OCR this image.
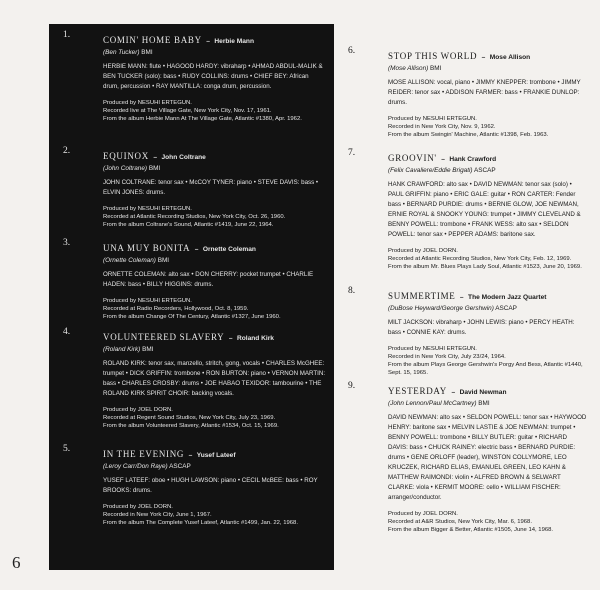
1.	COMIN' HOME BABY – Herbie Mann
(Ben Tucker) BMI
HERBIE MANN: flute • HAGOOD HARDY: vibraharp • AHMAD ABDUL-MALIK & BEN TUCKER (solo): bass • RUDY COLLINS: drums • CHIEF BEY: African drum, percussion • RAY MANTILLA: conga drum, percussion.
Produced by NESUHI ERTEGUN.
Recorded live at The Village Gate, New York City, Nov. 17, 1961.
From the album Herbie Mann At The Village Gate, Atlantic #1380, Apr. 1962.
2.	EQUINOX – John Coltrane
(John Coltrane) BMI
JOHN COLTRANE: tenor sax • McCOY TYNER: piano • STEVE DAVIS: bass • ELVIN JONES: drums.
Produced by NESUHI ERTEGUN.
Recorded at Atlantic Recording Studios, New York City, Oct. 26, 1960.
From the album Coltrane's Sound, Atlantic #1419, June 22, 1964.
3.	UNA MUY BONITA – Ornette Coleman
(Ornette Coleman) BMI
ORNETTE COLEMAN: alto sax • DON CHERRY: pocket trumpet • CHARLIE HADEN: bass • BILLY HIGGINS: drums.
Produced by NESUHI ERTEGUN.
Recorded at Radio Recorders, Hollywood, Oct. 8, 1959.
From the album Change Of The Century, Atlantic #1327, June 1960.
4.	VOLUNTEERED SLAVERY – Roland Kirk
(Roland Kirk) BMI
ROLAND KIRK: tenor sax, manzello, stritch, gong, vocals • CHARLES McGHEE: trumpet • DICK GRIFFIN: trombone • RON BURTON: piano • VERNON MARTIN: bass • CHARLES CROSBY: drums • JOE HABAO TEXIDOR: tambourine • THE ROLAND KIRK SPIRIT CHOIR: backing vocals.
Produced by JOEL DORN.
Recorded at Regent Sound Studios, New York City, July 23, 1969.
From the album Volunteered Slavery, Atlantic #1534, Oct. 15, 1969.
5.	IN THE EVENING – Yusef Lateef
(Leroy Carr/Don Raye) ASCAP
YUSEF LATEEF: oboe • HUGH LAWSON: piano • CECIL McBEE: bass • ROY BROOKS: drums.
Produced by JOEL DORN.
Recorded in New York City, June 1, 1967.
From the album The Complete Yusef Lateef, Atlantic #1499, Jan. 22, 1968.
6.	STOP THIS WORLD – Mose Allison
(Mose Allison) BMI
MOSE ALLISON: vocal, piano • JIMMY KNEPPER: trombone • JIMMY REIDER: tenor sax • ADDISON FARMER: bass • FRANKIE DUNLOP: drums.
Produced by NESUHI ERTEGUN.
Recorded in New York City, Nov. 9, 1962.
From the album Swingin' Machine, Atlantic #1398, Feb. 1963.
7.	GROOVIN' – Hank Crawford
(Felix Cavaliere/Eddie Brigati) ASCAP
HANK CRAWFORD: alto sax • DAVID NEWMAN: tenor sax (solo) • PAUL GRIFFIN: piano • ERIC GALE: guitar • RON CARTER: Fender bass • BERNARD PURDIE: drums • BERNIE GLOW, JOE NEWMAN, ERNIE ROYAL & SNOOKY YOUNG: trumpet • JIMMY CLEVELAND & BENNY POWELL: trombone • FRANK WESS: alto sax • SELDON POWELL: tenor sax • PEPPER ADAMS: baritone sax.
Produced by JOEL DORN.
Recorded at Atlantic Recording Studios, New York City, Feb. 12, 1969.
From the album Mr. Blues Plays Lady Soul, Atlantic #1523, June 20, 1969.
8.	SUMMERTIME – The Modern Jazz Quartet
(DuBose Heyward/George Gershwin) ASCAP
MILT JACKSON: vibraharp • JOHN LEWIS: piano • PERCY HEATH: bass • CONNIE KAY: drums.
Produced by NESUHI ERTEGUN.
Recorded in New York City, July 23/24, 1964.
From the album Plays George Gershwin's Porgy And Bess, Atlantic #1440, Sept. 15, 1965.
9.	YESTERDAY – David Newman
(John Lennon/Paul McCartney) BMI
DAVID NEWMAN: alto sax • SELDON POWELL: tenor sax • HAYWOOD HENRY: baritone sax • MELVIN LASTIE & JOE NEWMAN: trumpet • BENNY POWELL: trombone • BILLY BUTLER: guitar • RICHARD DAVIS: bass • CHUCK RAINEY: electric bass • BERNARD PURDIE: drums • GENE ORLOFF (leader), WINSTON COLLYMORE, LEO KRUCZEK, RICHARD ELIAS, EMANUEL GREEN, LEO KAHN & MATTHEW RAIMONDI: violin • ALFRED BROWN & SELWART CLARKE: viola • KERMIT MOORE: cello • WILLIAM FISCHER: arranger/conductor.
Produced by JOEL DORN.
Recorded at A&R Studios, New York City, Mar. 6, 1968.
From the album Bigger & Better, Atlantic #1505, June 14, 1968.
6
